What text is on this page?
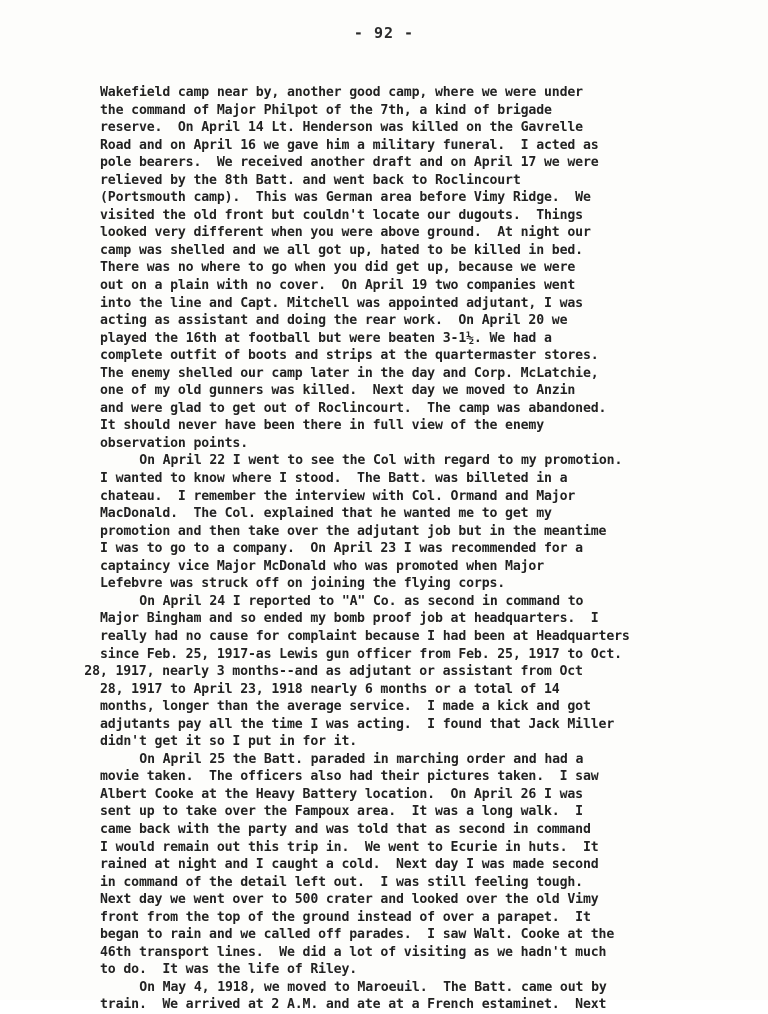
- 92 -
Wakefield camp near by, another good camp, where we were under
the command of Major Philpot of the 7th, a kind of brigade
reserve.  On April 14 Lt. Henderson was killed on the Gavrelle
Road and on April 16 we gave him a military funeral.  I acted as
pole bearers.  We received another draft and on April 17 we were
relieved by the 8th Batt. and went back to Roclincourt
(Portsmouth camp).  This was German area before Vimy Ridge.  We
visited the old front but couldn't locate our dugouts.  Things
looked very different when you were above ground.  At night our
camp was shelled and we all got up, hated to be killed in bed.
There was no where to go when you did get up, because we were
out on a plain with no cover.  On April 19 two companies went
into the line and Capt. Mitchell was appointed adjutant, I was
acting as assistant and doing the rear work.  On April 20 we
played the 16th at football but were beaten 3-1½. We had a
complete outfit of boots and strips at the quartermaster stores.
The enemy shelled our camp later in the day and Corp. McLatchie,
one of my old gunners was killed.  Next day we moved to Anzin
and were glad to get out of Roclincourt.  The camp was abandoned.
It should never have been there in full view of the enemy
observation points.
On April 22 I went to see the Col with regard to my promotion.
I wanted to know where I stood.  The Batt. was billeted in a
chateau.  I remember the interview with Col. Ormand and Major
MacDonald.  The Col. explained that he wanted me to get my
promotion and then take over the adjutant job but in the meantime
I was to go to a company.  On April 23 I was recommended for a
captaincy vice Major McDonald who was promoted when Major
Lefebvre was struck off on joining the flying corps.
On April 24 I reported to "A" Co. as second in command to
Major Bingham and so ended my bomb proof job at headquarters.  I
really had no cause for complaint because I had been at Headquarters
since Feb. 25, 1917-as Lewis gun officer from Feb. 25, 1917 to Oct.
28, 1917, nearly 3 months--and as adjutant or assistant from Oct
28, 1917 to April 23, 1918 nearly 6 months or a total of 14
months, longer than the average service.  I made a kick and got
adjutants pay all the time I was acting.  I found that Jack Miller
didn't get it so I put in for it.
On April 25 the Batt. paraded in marching order and had a
movie taken.  The officers also had their pictures taken.  I saw
Albert Cooke at the Heavy Battery location.  On April 26 I was
sent up to take over the Fampoux area.  It was a long walk.  I
came back with the party and was told that as second in command
I would remain out this trip in.  We went to Ecurie in huts.  It
rained at night and I caught a cold.  Next day I was made second
in command of the detail left out.  I was still feeling tough.
Next day we went over to 500 crater and looked over the old Vimy
front from the top of the ground instead of over a parapet.  It
began to rain and we called off parades.  I saw Walt. Cooke at the
46th transport lines.  We did a lot of visiting as we hadn't much
to do.  It was the life of Riley.
On May 4, 1918, we moved to Maroeuil.  The Batt. came out by
train.  We arrived at 2 A.M. and ate at a French estaminet.  Next
